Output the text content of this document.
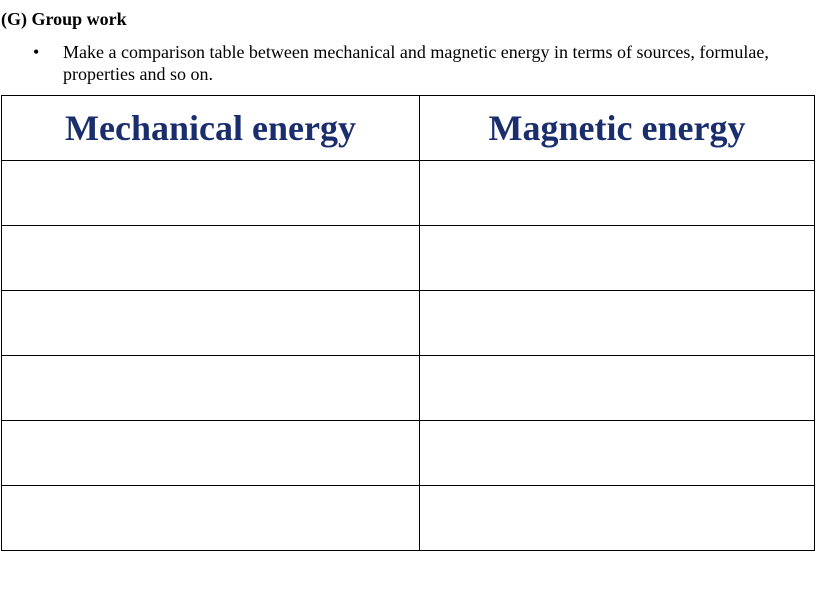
(G) Group work
• Make a comparison table between mechanical and magnetic energy in terms of sources, formulae, properties and so on.
Mechanical energy	Magnetic energy
